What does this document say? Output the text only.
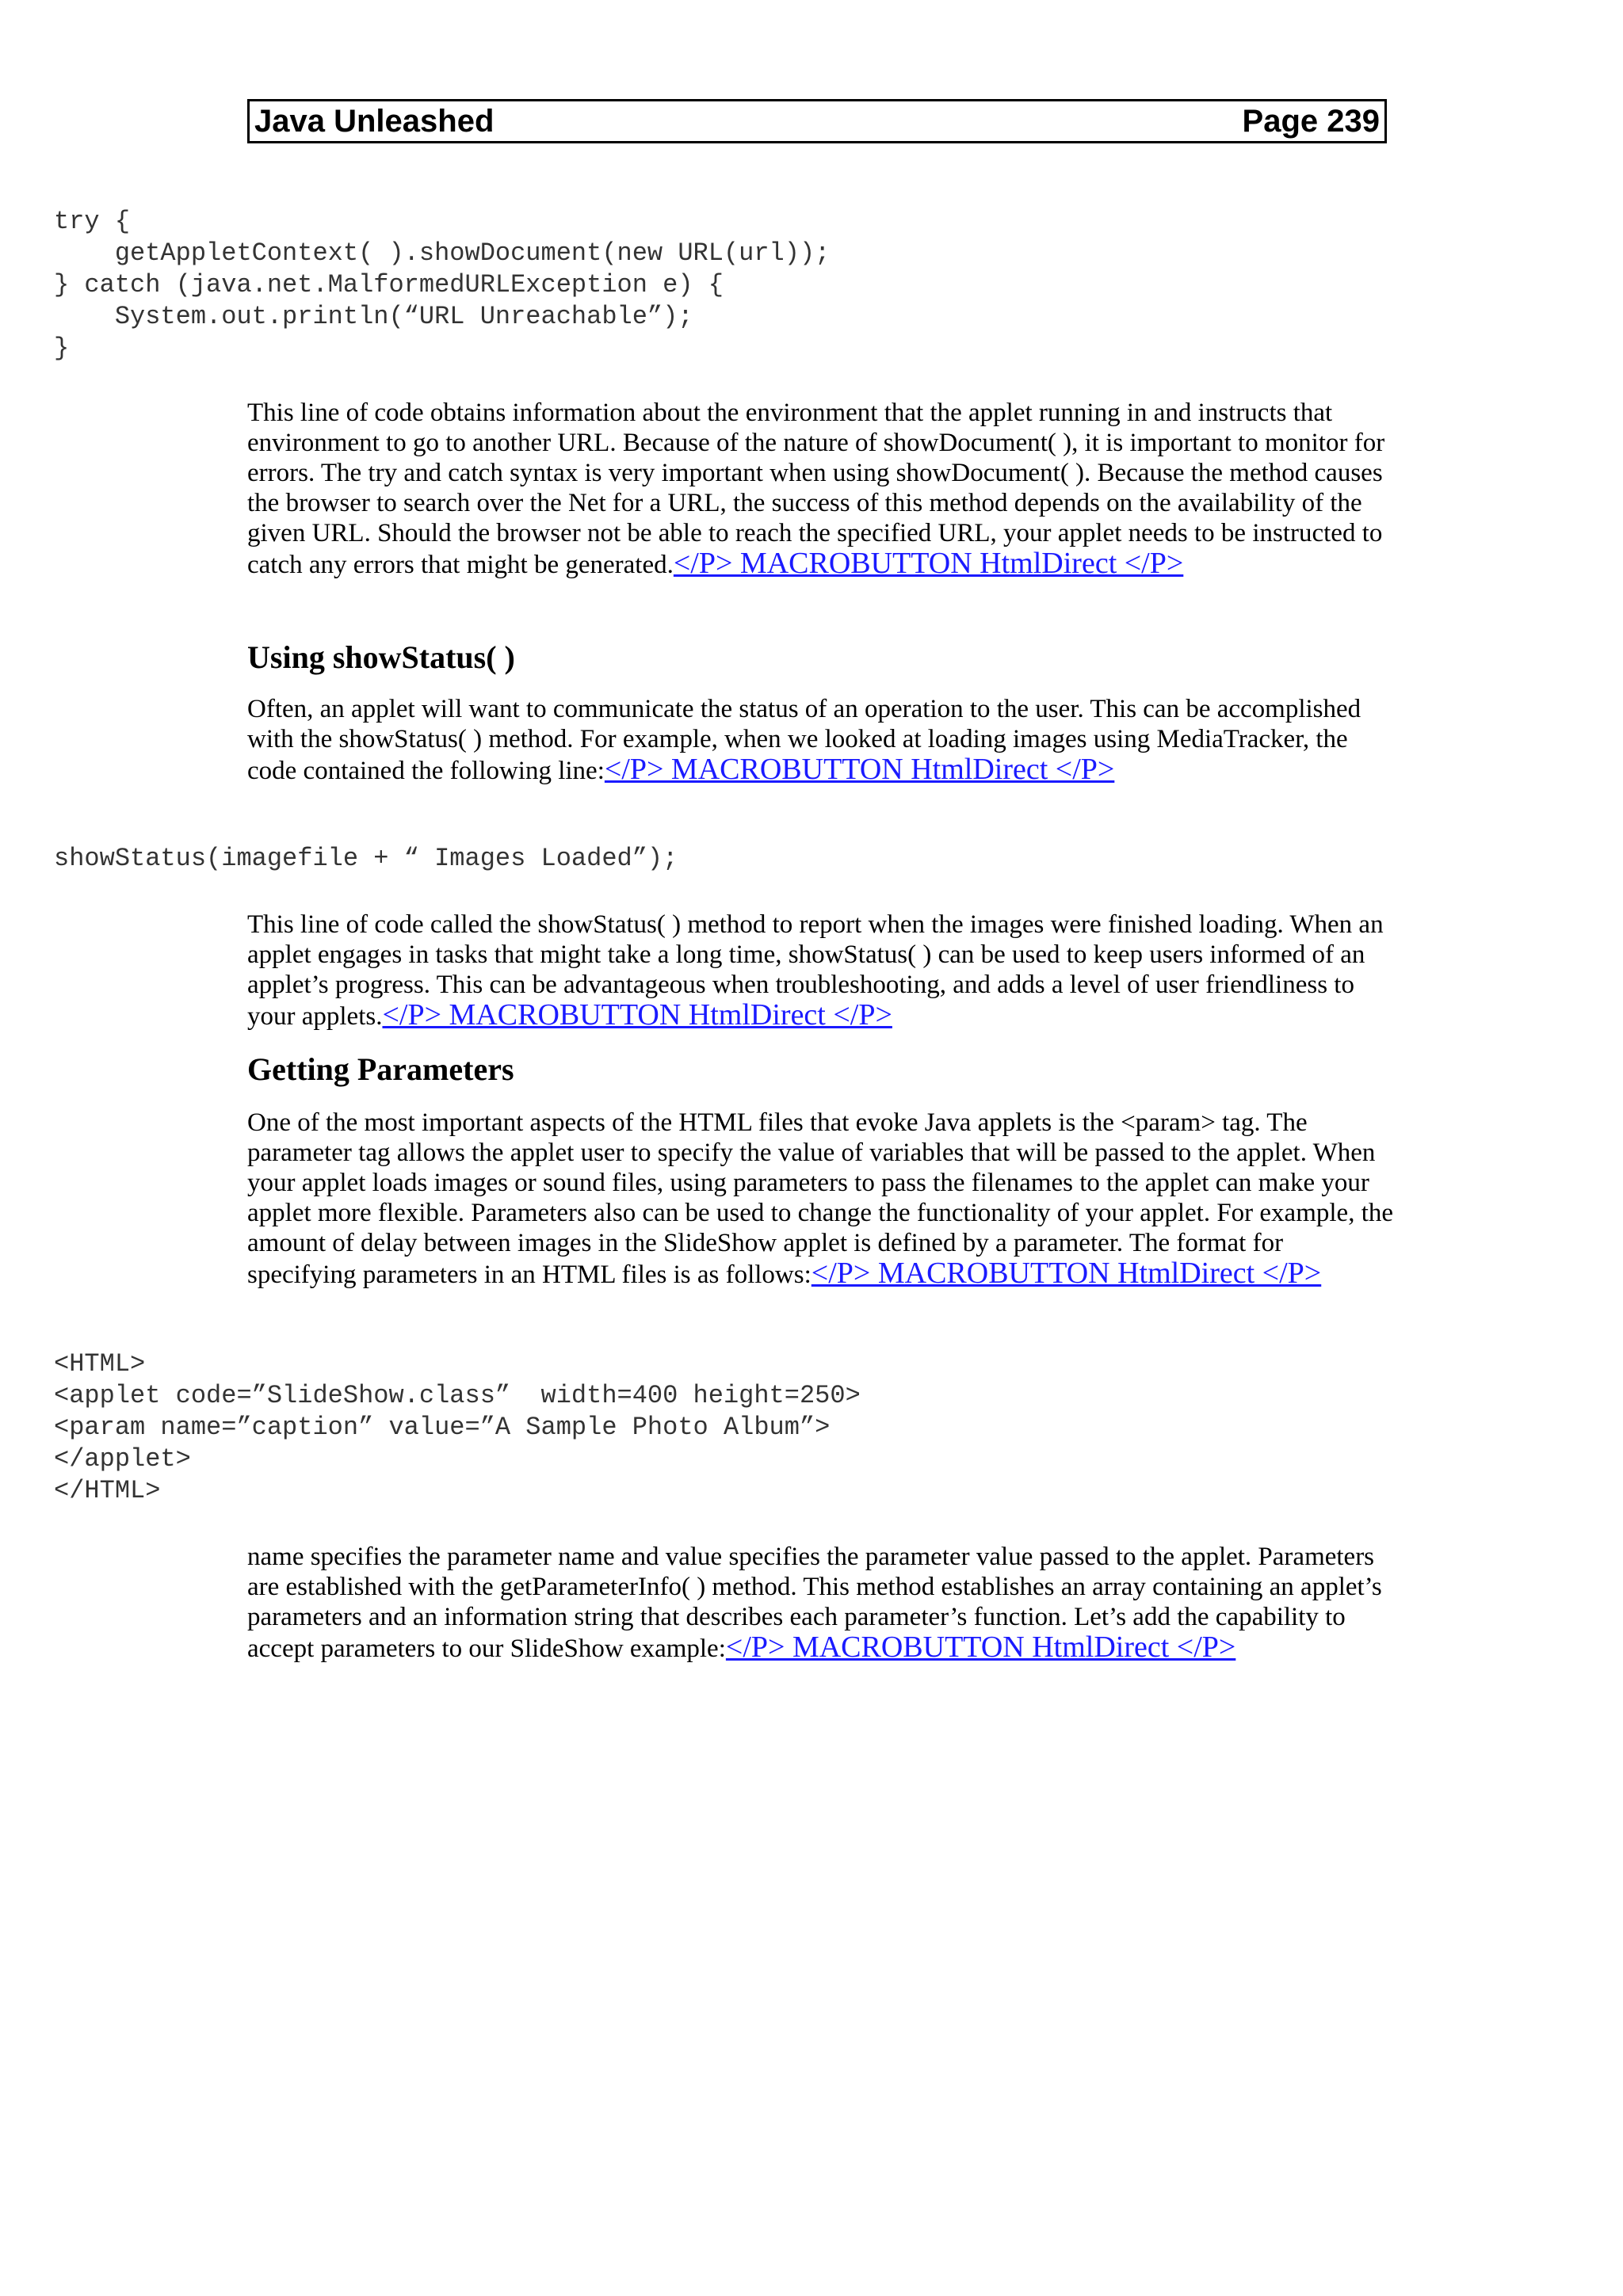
Java Unleashed	Page 239
try {
getAppletContext( ).showDocument(new URL(url));
} catch (java.net.MalformedURLException e) {
System.out.println(“URL Unreachable”);
}

This line of code obtains information about the environment that the applet running in and instructs that environment to go to another URL. Because of the nature of showDocument( ), it is important to monitor for errors. The try and catch syntax is very important when using showDocument( ). Because the method causes the browser to search over the Net for a URL, the success of this method depends on the availability of the given URL. Should the browser not be able to reach the specified URL, your applet needs to be instructed to catch any errors that might be generated.</P> MACROBUTTON HtmlDirect </P>

Using showStatus( )

Often, an applet will want to communicate the status of an operation to the user. This can be accomplished with the showStatus( ) method. For example, when we looked at loading images using MediaTracker, the code contained the following line:</P> MACROBUTTON HtmlDirect </P>

showStatus(imagefile + “ Images Loaded”);

This line of code called the showStatus( ) method to report when the images were finished loading. When an applet engages in tasks that might take a long time, showStatus( ) can be used to keep users informed of an applet’s progress. This can be advantageous when troubleshooting, and adds a level of user friendliness to your applets.</P> MACROBUTTON HtmlDirect </P>

Getting Parameters

One of the most important aspects of the HTML files that evoke Java applets is the <param> tag. The parameter tag allows the applet user to specify the value of variables that will be passed to the applet. When your applet loads images or sound files, using parameters to pass the filenames to the applet can make your applet more flexible. Parameters also can be used to change the functionality of your applet. For example, the amount of delay between images in the SlideShow applet is defined by a parameter. The format for specifying parameters in an HTML files is as follows:</P> MACROBUTTON HtmlDirect </P>

<HTML>
<applet code=”SlideShow.class”  width=400 height=250>
<param name=”caption” value=”A Sample Photo Album”>
</applet>
</HTML>

name specifies the parameter name and value specifies the parameter value passed to the applet. Parameters are established with the getParameterInfo( ) method. This method establishes an array containing an applet’s parameters and an information string that describes each parameter’s function. Let’s add the capability to accept parameters to our SlideShow example:</P> MACROBUTTON HtmlDirect </P>
